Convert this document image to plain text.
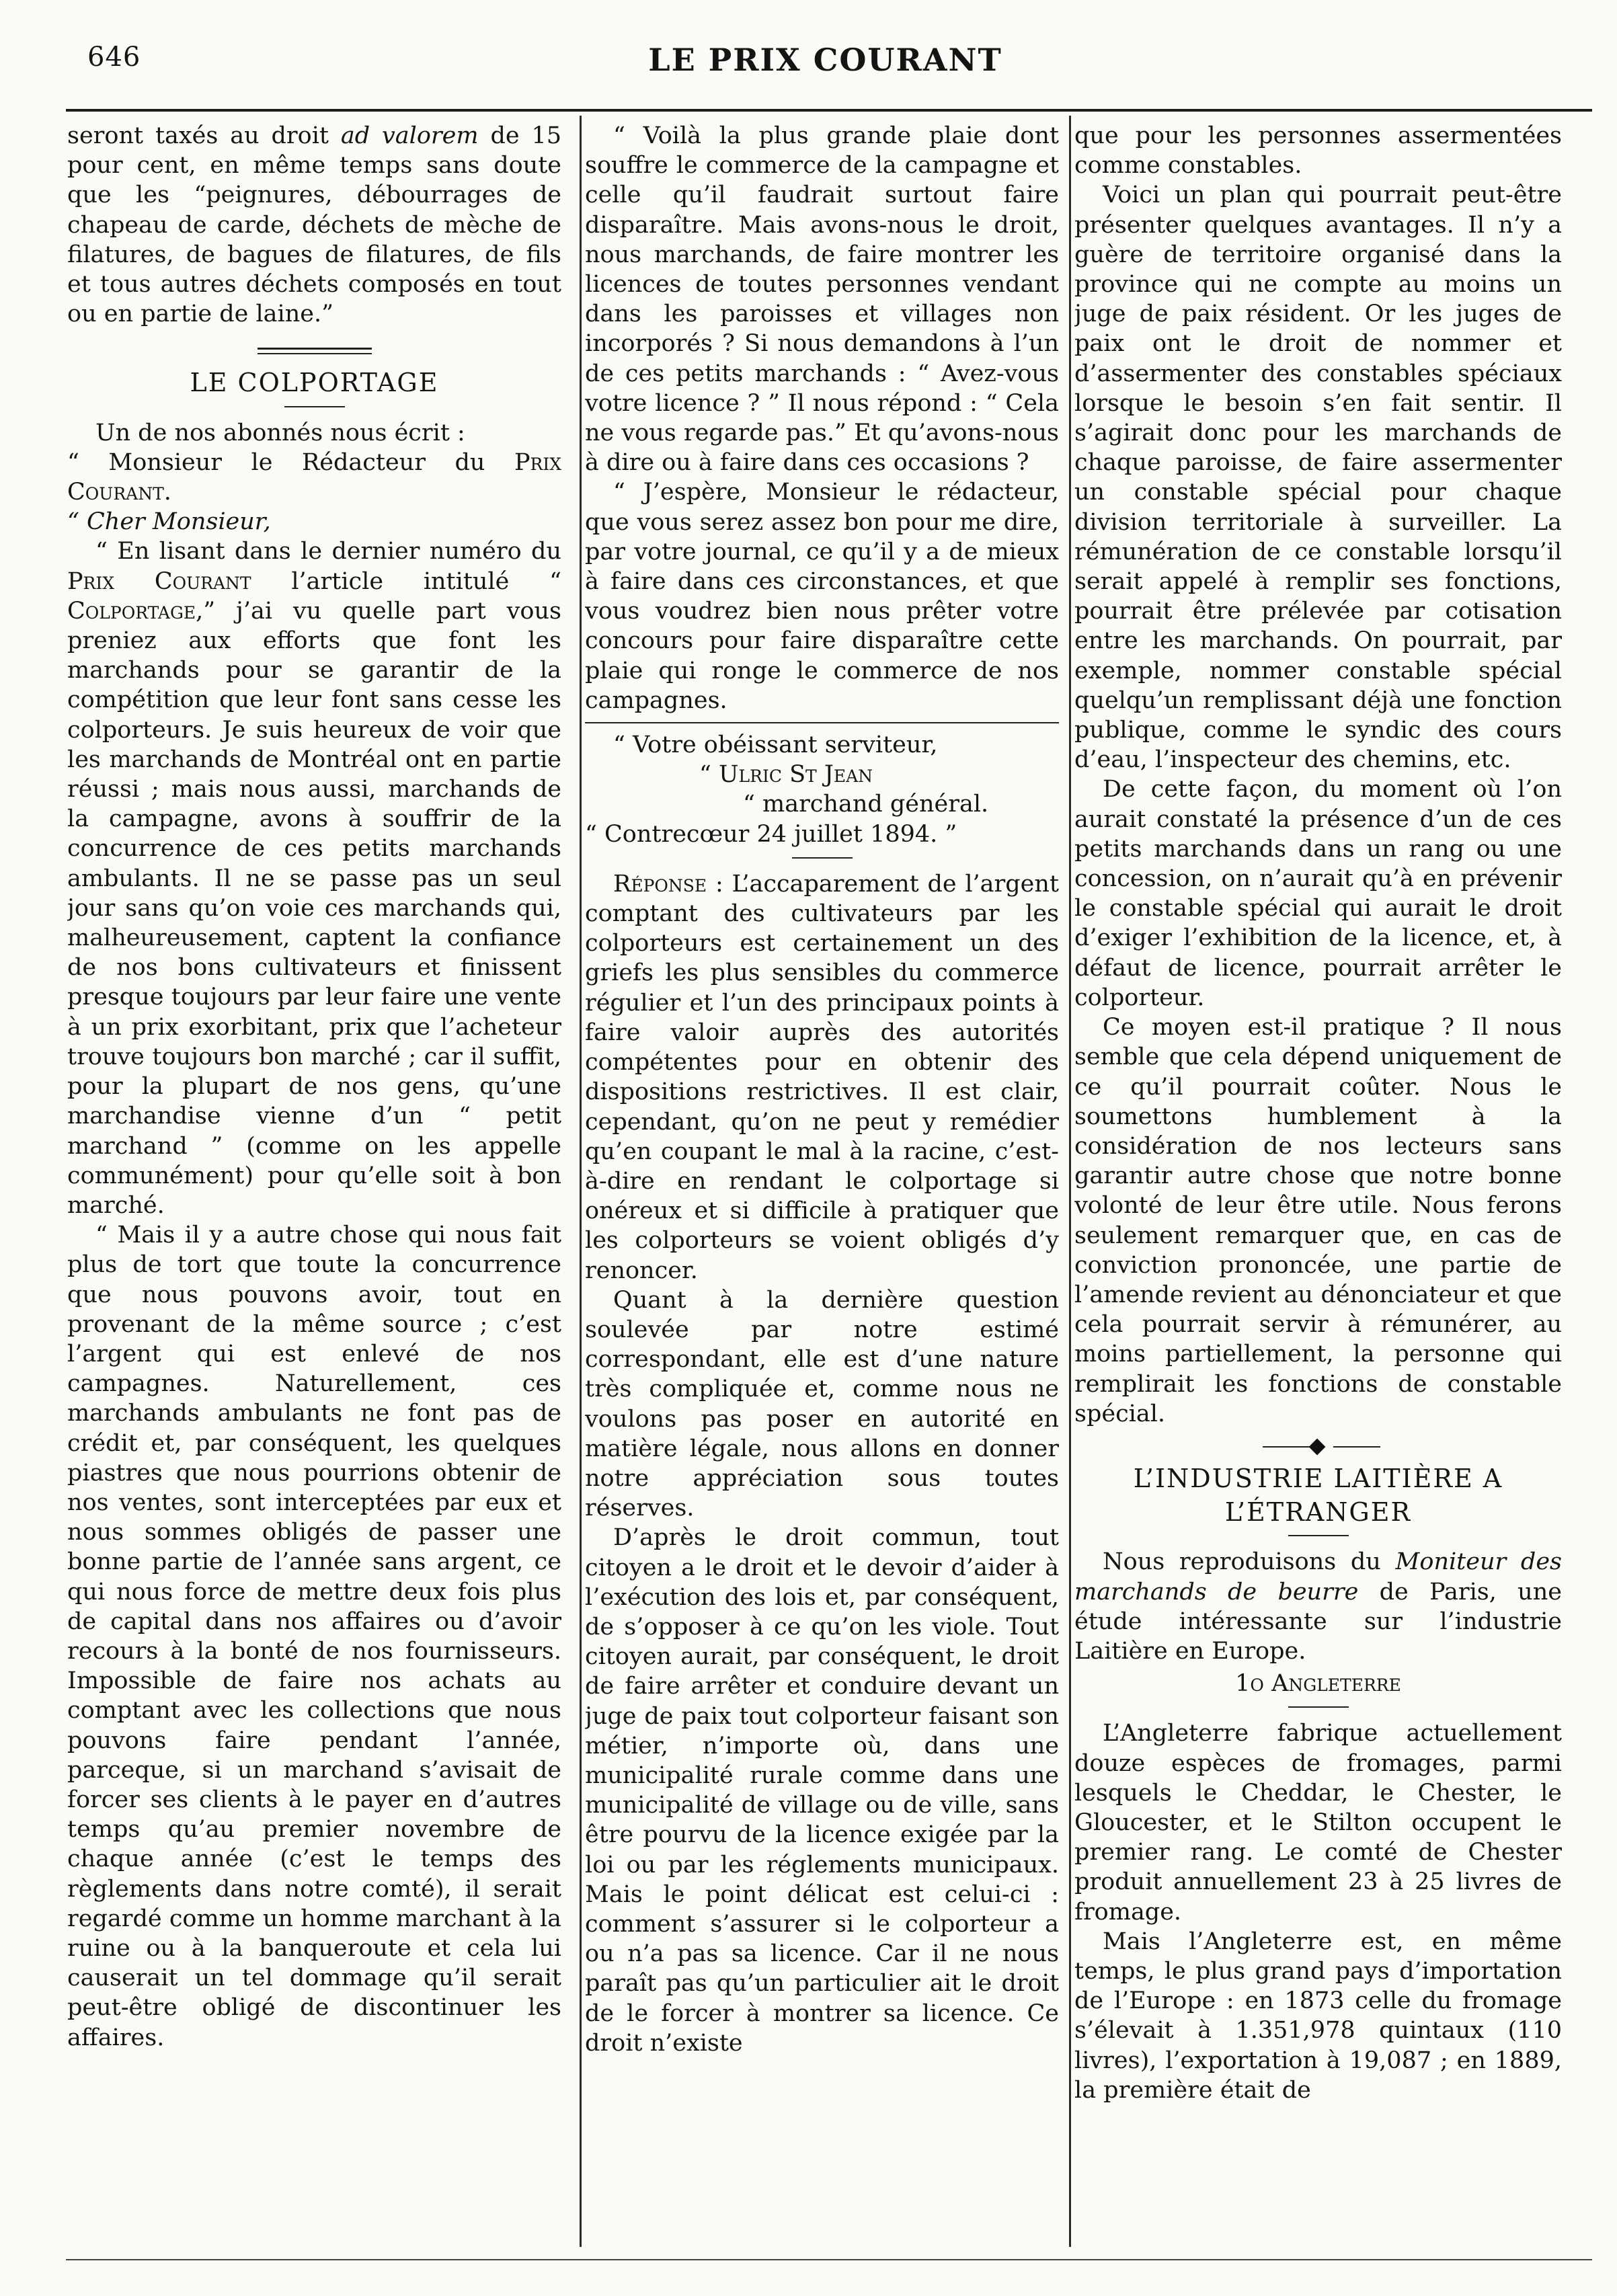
646	LE PRIX COURANT

seront taxés au droit ad valorem de 15 pour cent, en même temps sans doute que les “peignures, débourrages de chapeau de carde, déchets de mèche de filatures, de bagues de filatures, de fils et tous autres déchets composés en tout ou en partie de laine.”

LE COLPORTAGE

Un de nos abonnés nous écrit :

“ Monsieur le Rédacteur du Prix Courant.

“ Cher Monsieur,

“ En lisant dans le dernier numéro du Prix Courant l’article intitulé “ Colportage,” j’ai vu quelle part vous preniez aux efforts que font les marchands pour se garantir de la compétition que leur font sans cesse les colporteurs. Je suis heureux de voir que les marchands de Montréal ont en partie réussi ; mais nous aussi, marchands de la campagne, avons à souffrir de la concurrence de ces petits marchands ambulants. Il ne se passe pas un seul jour sans qu’on voie ces marchands qui, malheureusement, captent la confiance de nos bons cultivateurs et finissent presque toujours par leur faire une vente à un prix exorbitant, prix que l’acheteur trouve toujours bon marché ; car il suffit, pour la plupart de nos gens, qu’une marchandise vienne d’un “ petit marchand ” (comme on les appelle communément) pour qu’elle soit à bon marché.

“ Mais il y a autre chose qui nous fait plus de tort que toute la concurrence que nous pouvons avoir, tout en provenant de la même source ; c’est l’argent qui est enlevé de nos campagnes. Naturellement, ces marchands ambulants ne font pas de crédit et, par conséquent, les quelques piastres que nous pourrions obtenir de nos ventes, sont interceptées par eux et nous sommes obligés de passer une bonne partie de l’année sans argent, ce qui nous force de mettre deux fois plus de capital dans nos affaires ou d’avoir recours à la bonté de nos fournisseurs. Impossible de faire nos achats au comptant avec les collections que nous pouvons faire pendant l’année, parceque, si un marchand s’avisait de forcer ses clients à le payer en d’autres temps qu’au premier novembre de chaque année (c’est le temps des règlements dans notre comté), il serait regardé comme un homme marchant à la ruine ou à la banqueroute et cela lui causerait un tel dommage qu’il serait peut-être obligé de discontinuer les affaires.

“ Voilà la plus grande plaie dont souffre le commerce de la campagne et celle qu’il faudrait surtout faire disparaître. Mais avons-nous le droit, nous marchands, de faire montrer les licences de toutes personnes vendant dans les paroisses et villages non incorporés ? Si nous demandons à l’un de ces petits marchands : “ Avez-vous votre licence ? ” Il nous répond : “ Cela ne vous regarde pas.” Et qu’avons-nous à dire ou à faire dans ces occasions ?

“ J’espère, Monsieur le rédacteur, que vous serez assez bon pour me dire, par votre journal, ce qu’il y a de mieux à faire dans ces circonstances, et que vous voudrez bien nous prêter votre concours pour faire disparaître cette plaie qui ronge le commerce de nos campagnes.

“ Votre obéissant serviteur,

“ Ulric St Jean

“ marchand général.

“ Contrecœur 24 juillet 1894. ”

Réponse : L’accaparement de l’argent comptant des cultivateurs par les colporteurs est certainement un des griefs les plus sensibles du commerce régulier et l’un des principaux points à faire valoir auprès des autorités compétentes pour en obtenir des dispositions restrictives. Il est clair, cependant, qu’on ne peut y remédier qu’en coupant le mal à la racine, c’est-à-dire en rendant le colportage si onéreux et si difficile à pratiquer que les colporteurs se voient obligés d’y renoncer.

Quant à la dernière question soulevée par notre estimé correspondant, elle est d’une nature très compliquée et, comme nous ne voulons pas poser en autorité en matière légale, nous allons en donner notre appréciation sous toutes réserves.

D’après le droit commun, tout citoyen a le droit et le devoir d’aider à l’exécution des lois et, par conséquent, de s’opposer à ce qu’on les viole. Tout citoyen aurait, par conséquent, le droit de faire arrêter et conduire devant un juge de paix tout colporteur faisant son métier, n’importe où, dans une municipalité rurale comme dans une municipalité de village ou de ville, sans être pourvu de la licence exigée par la loi ou par les réglements municipaux. Mais le point délicat est celui-ci : comment s’assurer si le colporteur a ou n’a pas sa licence. Car il ne nous paraît pas qu’un particulier ait le droit de le forcer à montrer sa licence. Ce droit n’existe

que pour les personnes assermentées comme constables.

Voici un plan qui pourrait peut-être présenter quelques avantages. Il n’y a guère de territoire organisé dans la province qui ne compte au moins un juge de paix résident. Or les juges de paix ont le droit de nommer et d’assermenter des constables spéciaux lorsque le besoin s’en fait sentir. Il s’agirait donc pour les marchands de chaque paroisse, de faire assermenter un constable spécial pour chaque division territoriale à surveiller. La rémunération de ce constable lorsqu’il serait appelé à remplir ses fonctions, pourrait être prélevée par cotisation entre les marchands. On pourrait, par exemple, nommer constable spécial quelqu’un remplissant déjà une fonction publique, comme le syndic des cours d’eau, l’inspecteur des chemins, etc.

De cette façon, du moment où l’on aurait constaté la présence d’un de ces petits marchands dans un rang ou une concession, on n’aurait qu’à en prévenir le constable spécial qui aurait le droit d’exiger l’exhibition de la licence, et, à défaut de licence, pourrait arrêter le colporteur.

Ce moyen est-il pratique ? Il nous semble que cela dépend uniquement de ce qu’il pourrait coûter. Nous le soumettons humblement à la considération de nos lecteurs sans garantir autre chose que notre bonne volonté de leur être utile. Nous ferons seulement remarquer que, en cas de conviction prononcée, une partie de l’amende revient au dénonciateur et que cela pourrait servir à rémunérer, au moins partiellement, la personne qui remplirait les fonctions de constable spécial.

L’INDUSTRIE LAITIÈRE A
L’ÉTRANGER

Nous reproduisons du Moniteur des marchands de beurre de Paris, une étude intéressante sur l’industrie Laitière en Europe.

1o Angleterre

L’Angleterre fabrique actuellement douze espèces de fromages, parmi lesquels le Cheddar, le Chester, le Gloucester, et le Stilton occupent le premier rang. Le comté de Chester produit annuellement 23 à 25 livres de fromage.

Mais l’Angleterre est, en même temps, le plus grand pays d’importation de l’Europe : en 1873 celle du fromage s’élevait à 1.351,978 quintaux (110 livres), l’exportation à 19,087 ; en 1889, la première était de
